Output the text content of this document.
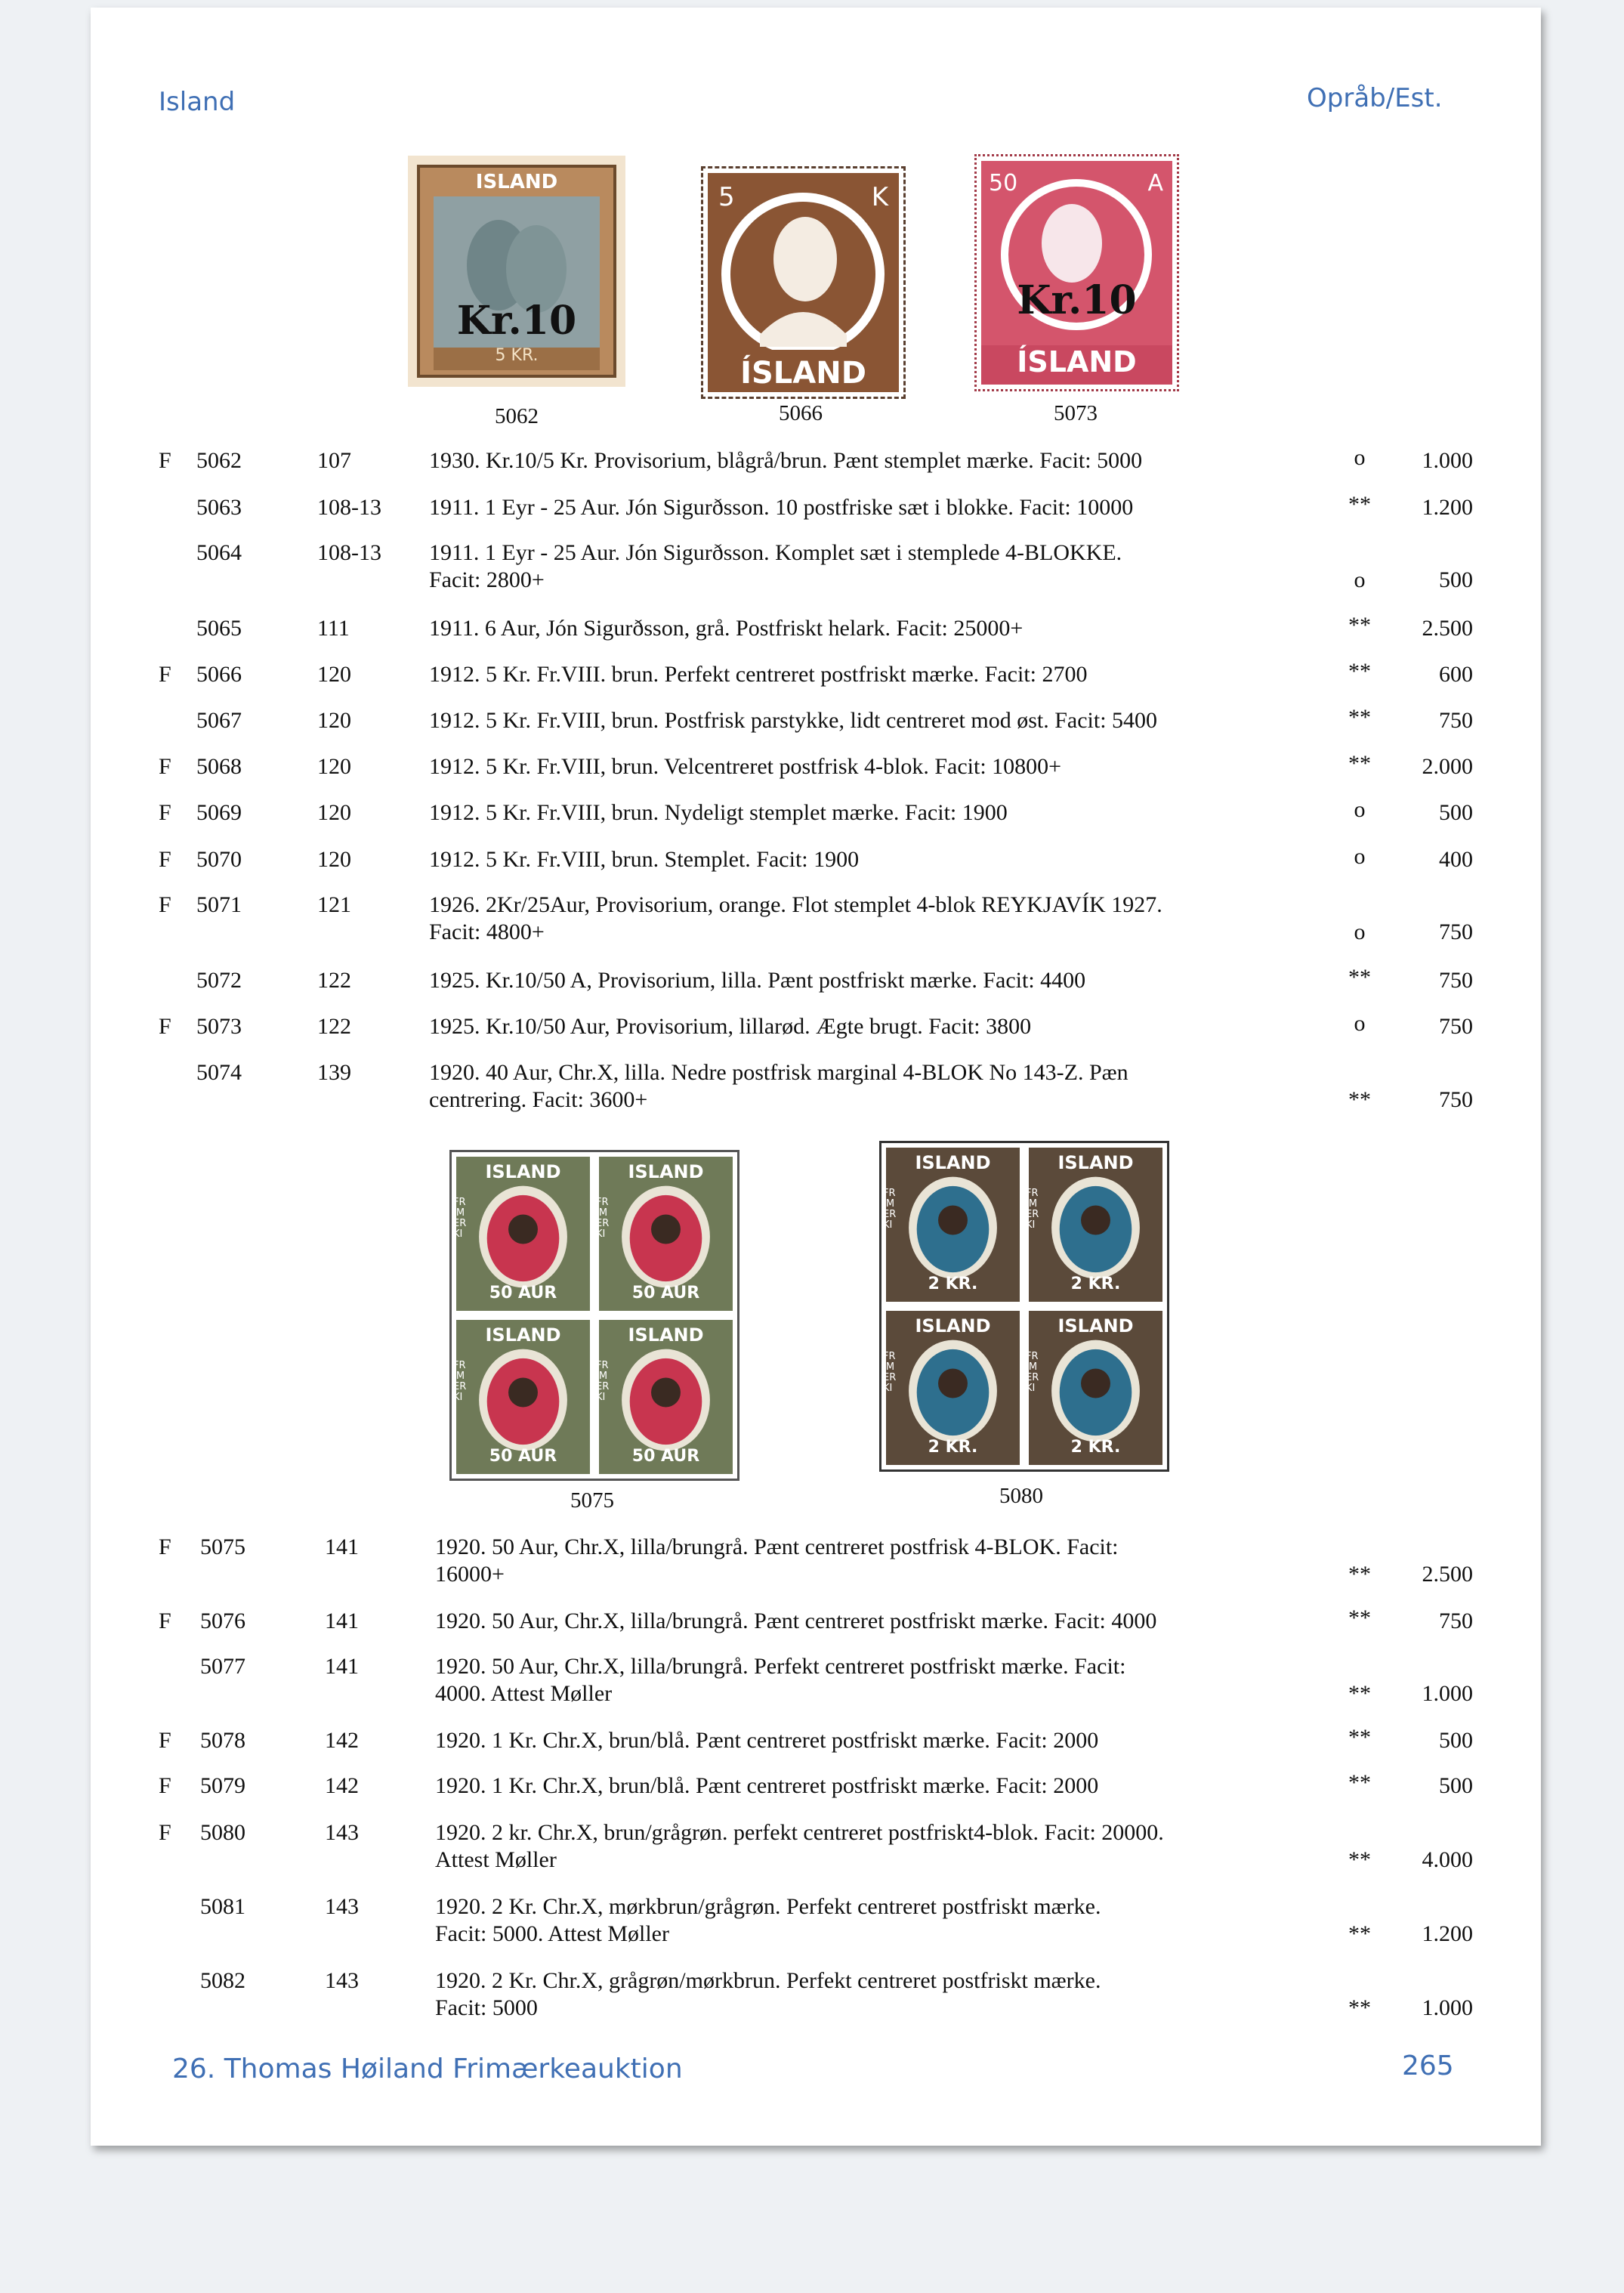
Island	Opråb/Est.
ISLAND
Kr.10
5 KR.
5	K
ÍSLAND
50	A
Kr.10
ÍSLAND
5062	5066	5073
F 5062	107	1930. Kr.10/5 Kr. Provisorium, blågrå/brun. Pænt stemplet mærke. Facit: 5000	o	1.000
5063	108-13	1911. 1 Eyr - 25 Aur. Jón Sigurðsson. 10 postfriske sæt i blokke. Facit: 10000	**	1.200
5064	108-13	1911. 1 Eyr - 25 Aur. Jón Sigurðsson. Komplet sæt i stemplede 4-BLOKKE.
Facit: 2800+	o	500
5065	111	1911. 6 Aur, Jón Sigurðsson, grå. Postfriskt helark. Facit: 25000+	**	2.500
F 5066	120	1912. 5 Kr. Fr.VIII. brun. Perfekt centreret postfriskt mærke. Facit: 2700	**	600
5067	120	1912. 5 Kr. Fr.VIII, brun. Postfrisk parstykke, lidt centreret mod øst. Facit: 5400	**	750
F 5068	120	1912. 5 Kr. Fr.VIII, brun. Velcentreret postfrisk 4-blok. Facit: 10800+	**	2.000
F 5069	120	1912. 5 Kr. Fr.VIII, brun. Nydeligt stemplet mærke. Facit: 1900	o	500
F 5070	120	1912. 5 Kr. Fr.VIII, brun. Stemplet. Facit: 1900	o	400
F 5071	121	1926. 2Kr/25Aur, Provisorium, orange. Flot stemplet 4-blok REYKJAVÍK 1927.
Facit: 4800+	o	750
5072	122	1925. Kr.10/50 A, Provisorium, lilla. Pænt postfriskt mærke. Facit: 4400	**	750
F 5073	122	1925. Kr.10/50 Aur, Provisorium, lillarød. Ægte brugt. Facit: 3800	o	750
5074	139	1920. 40 Aur, Chr.X, lilla. Nedre postfrisk marginal 4-BLOK No 143-Z. Pæn
centrering. Facit: 3600+	**	750
ISLAND
50 AUR
FRIMERKI
ISLAND
50 AUR
FRIMERKI
ISLAND
50 AUR
FRIMERKI
ISLAND
50 AUR
FRIMERKI
ISLAND
2 KR.
FRIMERKI
ISLAND
2 KR.
FRIMERKI
ISLAND
2 KR.
FRIMERKI
ISLAND
2 KR.
FRIMERKI
5075	5080
F 5075	141	1920. 50 Aur, Chr.X, lilla/brungrå. Pænt centreret postfrisk 4-BLOK. Facit:
16000+	**	2.500
F 5076	141	1920. 50 Aur, Chr.X, lilla/brungrå. Pænt centreret postfriskt mærke. Facit: 4000	**	750
5077	141	1920. 50 Aur, Chr.X, lilla/brungrå. Perfekt centreret postfriskt mærke. Facit:
4000. Attest Møller	**	1.000
F 5078	142	1920. 1 Kr. Chr.X, brun/blå. Pænt centreret postfriskt mærke. Facit: 2000	**	500
F 5079	142	1920. 1 Kr. Chr.X, brun/blå. Pænt centreret postfriskt mærke. Facit: 2000	**	500
F 5080	143	1920. 2 kr. Chr.X, brun/grågrøn. perfekt centreret postfriskt4-blok. Facit: 20000.
Attest Møller	**	4.000
5081	143	1920. 2 Kr. Chr.X, mørkbrun/grågrøn. Perfekt centreret postfriskt mærke.
Facit: 5000. Attest Møller	**	1.200
5082	143	1920. 2 Kr. Chr.X, grågrøn/mørkbrun. Perfekt centreret postfriskt mærke.
Facit: 5000	**	1.000
26. Thomas Høiland Frimærkeauktion	265
